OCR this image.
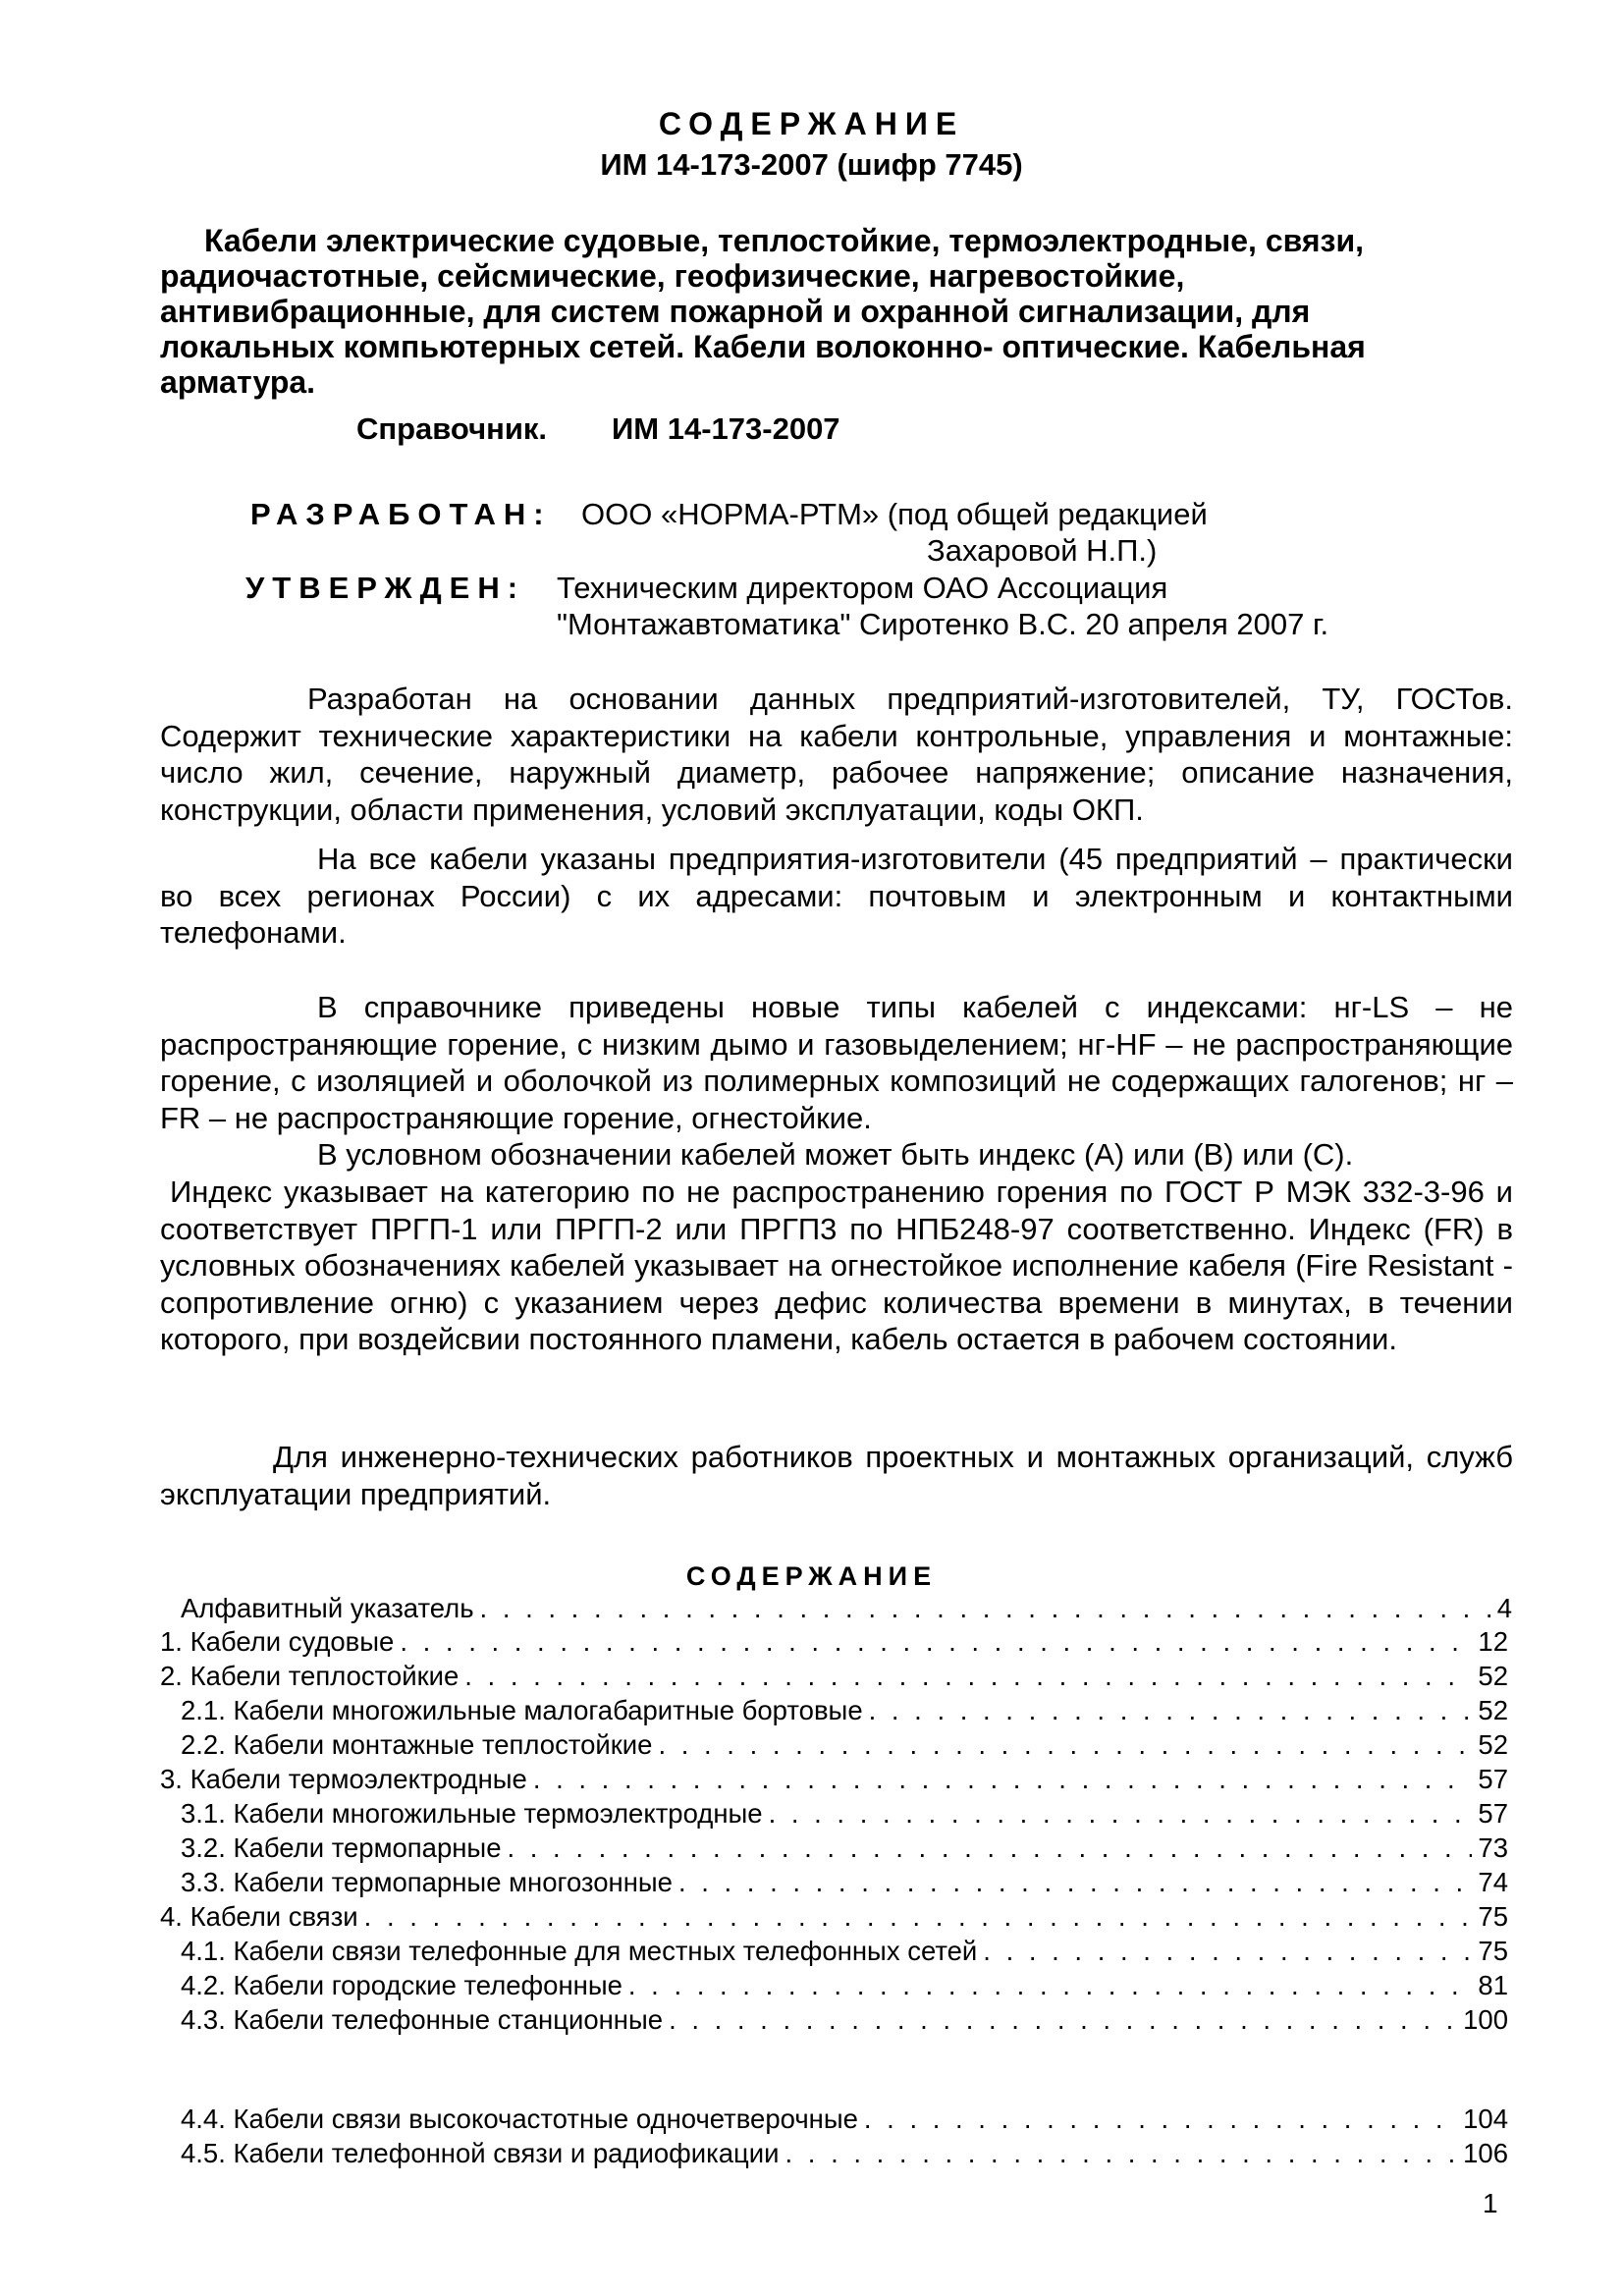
СОДЕРЖАНИЕ
ИМ 14-173-2007 (шифр 7745)

Кабели электрические судовые, теплостойкие, термоэлектродные, связи, радиочастотные, сейсмические, геофизические, нагревостойкие, антивибрационные, для систем пожарной и охранной сигнализации, для локальных компьютерных сетей. Кабели волоконно- оптические. Кабельная арматура.

Справочник. ИМ 14-173-2007
РАЗРАБОТАН: ООО «НОРМА-РТМ» (под общей редакцией
Захаровой Н.П.)
УТВЕРЖДЕН: Техническим директором ОАО Ассоциация
"Монтажавтоматика" Сиротенко В.С. 20 апреля 2007 г.

Разработан на основании данных предприятий-изготовителей, ТУ, ГОСТов. Содержит технические характеристики на кабели контрольные, управления и монтажные: число жил, сечение, наружный диаметр, рабочее напряжение; описание назначения, конструкции, области применения, условий эксплуатации, коды ОКП.

На все кабели указаны предприятия-изготовители (45 предприятий – практически во всех регионах России) с их адресами: почтовым и электронным и контактными телефонами.

В справочнике приведены новые типы кабелей с индексами: нг-LS – не распространяющие горение, с низким дымо и газовыделением; нг-HF – не распространяющие горение, с изоляцией и оболочкой из полимерных композиций не содержащих галогенов; нг – FR – не распространяющие горение, огнестойкие.

В условном обозначении кабелей может быть индекс (А) или (В) или (С).

Индекс указывает на категорию по не распространению горения по ГОСТ Р МЭК 332-3-96 и соответствует ПРГП-1 или ПРГП-2 или ПРГП3 по НПБ248-97 соответственно. Индекс (FR) в условных обозначениях кабелей указывает на огнестойкое исполнение кабеля (Fire Resistant - сопротивление огню) с указанием через дефис количества времени в минутах, в течении которого, при воздейсвии постоянного пламени, кабель остается в рабочем состоянии.

Для инженерно-технических работников проектных и монтажных организаций, служб эксплуатации предприятий.

СОДЕРЖАНИЕ
Алфавитный указатель . . .	4
1. Кабели судовые . . .	12
2. Кабели теплостойкие . . .	52
2.1. Кабели многожильные малогабаритные бортовые . . .	52
2.2. Кабели монтажные теплостойкие . . .	52
3. Кабели термоэлектродные . . .	57
3.1. Кабели многожильные термоэлектродные . . .	57
3.2. Кабели термопарные . . .	73
3.3. Кабели термопарные многозонные . . .	74
4. Кабели связи . . .	75
4.1. Кабели связи телефонные для местных телефонных сетей . . .	75
4.2. Кабели городские телефонные . . .	81
4.3. Кабели телефонные станционные . . .	100
4.4. Кабели связи высокочастотные одночетверочные . . .	104
4.5. Кабели телефонной связи и радиофикации . . .	106
1
